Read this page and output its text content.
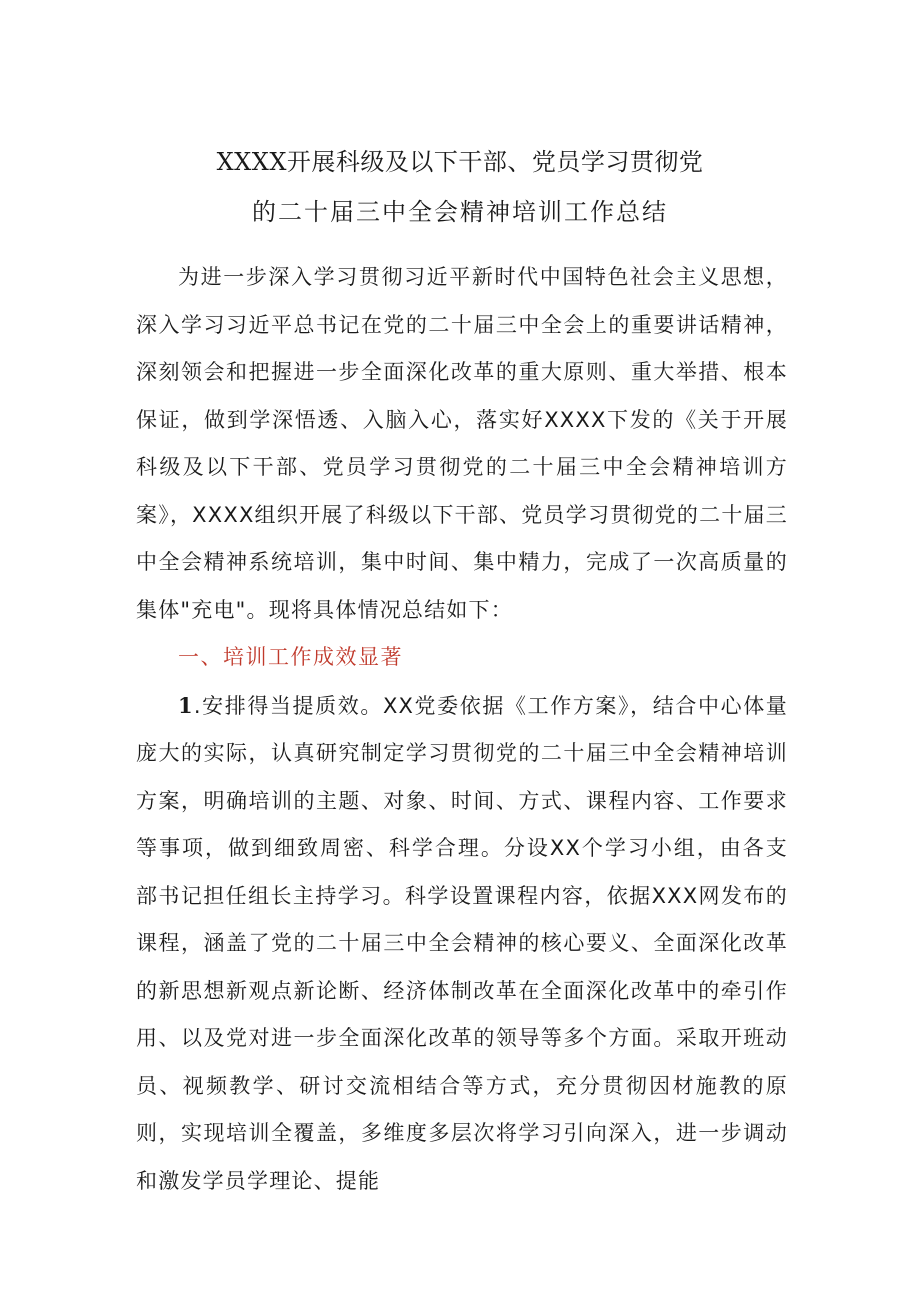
XXXX开展科级及以下干部、党员学习贯彻党
的二十届三中全会精神培训工作总结

为进一步深入学习贯彻习近平新时代中国特色社会主义思想，深入学习习近平总书记在党的二十届三中全会上的重要讲话精神，深刻领会和把握进一步全面深化改革的重大原则、重大举措、根本保证，做到学深悟透、入脑入心，落实好XXXX下发的《关于开展科级及以下干部、党员学习贯彻党的二十届三中全会精神培训方案》，XXXX组织开展了科级以下干部、党员学习贯彻党的二十届三中全会精神系统培训，集中时间、集中精力，完成了一次高质量的集体"充电"。现将具体情况总结如下：

一、培训工作成效显著

1.安排得当提质效。XX党委依据《工作方案》，结合中心体量庞大的实际，认真研究制定学习贯彻党的二十届三中全会精神培训方案，明确培训的主题、对象、时间、方式、课程内容、工作要求等事项，做到细致周密、科学合理。分设XX个学习小组，由各支部书记担任组长主持学习。科学设置课程内容，依据XXX网发布的课程，涵盖了党的二十届三中全会精神的核心要义、全面深化改革的新思想新观点新论断、经济体制改革在全面深化改革中的牵引作用、以及党对进一步全面深化改革的领导等多个方面。采取开班动员、视频教学、研讨交流相结合等方式，充分贯彻因材施教的原则，实现培训全覆盖，多维度多层次将学习引向深入，进一步调动和激发学员学理论、提能
